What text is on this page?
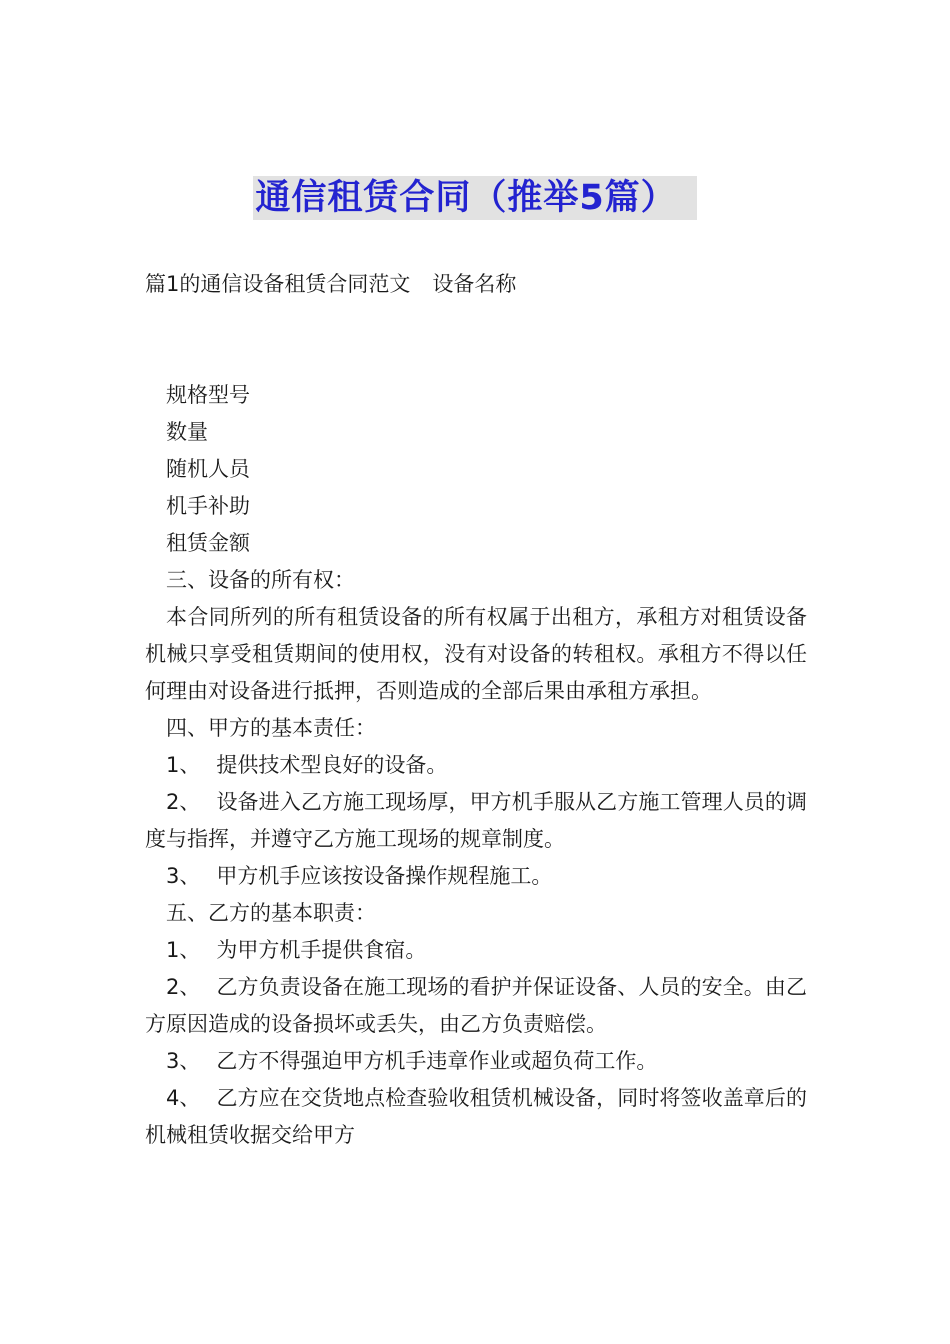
通信租赁合同（推举5篇）
篇1的通信设备租赁合同范文 设备名称

规格型号

数量

随机人员

机手补助

租赁金额

三、设备的所有权：

本合同所列的所有租赁设备的所有权属于出租方，承租方对租赁设备机械只享受租赁期间的使用权，没有对设备的转租权。承租方不得以任何理由对设备进行抵押，否则造成的全部后果由承租方承担。

四、甲方的基本责任：

1、 提供技术型良好的设备。

2、 设备进入乙方施工现场厚，甲方机手服从乙方施工管理人员的调度与指挥，并遵守乙方施工现场的规章制度。

3、 甲方机手应该按设备操作规程施工。

五、乙方的基本职责：

1、 为甲方机手提供食宿。

2、 乙方负责设备在施工现场的看护并保证设备、人员的安全。由乙方原因造成的设备损坏或丢失，由乙方负责赔偿。

3、 乙方不得强迫甲方机手违章作业或超负荷工作。

4、 乙方应在交货地点检查验收租赁机械设备，同时将签收盖章后的机械租赁收据交给甲方
